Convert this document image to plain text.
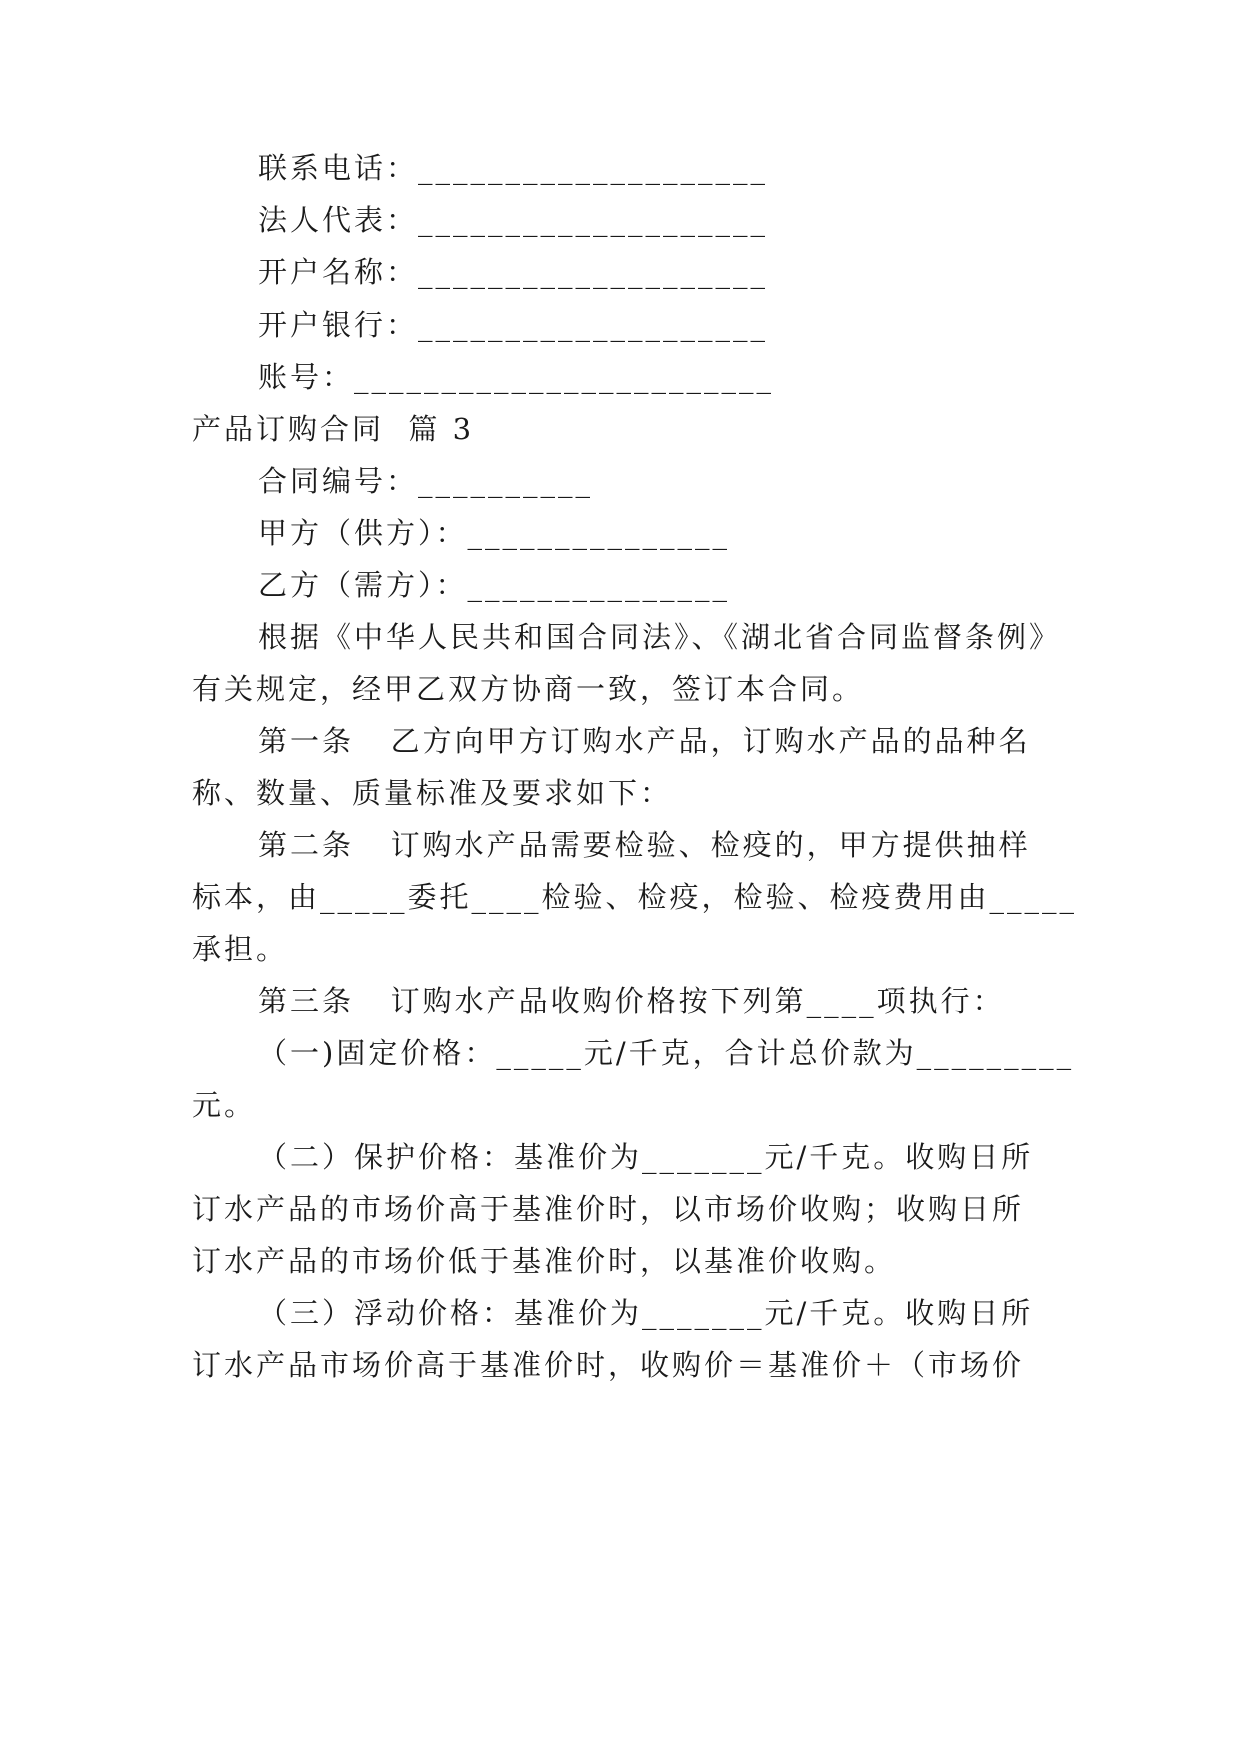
联系电话：____________________
法人代表：____________________
开户名称：____________________
开户银行：____________________
账号：________________________
产品订购合同  篇 3
合同编号：__________
甲方（供方）：_______________
乙方（需方）：_______________
根据《中华人民共和国合同法》、《湖北省合同监督条例》
有关规定，经甲乙双方协商一致，签订本合同。
第一条   乙方向甲方订购水产品，订购水产品的品种名
称、数量、质量标准及要求如下：
第二条   订购水产品需要检验、检疫的，甲方提供抽样
标本，由_____委托____检验、检疫，检验、检疫费用由_____
承担。
第三条   订购水产品收购价格按下列第____项执行：
（一)固定价格：_____元/千克，合计总价款为_________
元。
（二）保护价格：基准价为_______元/千克。收购日所
订水产品的市场价高于基准价时，以市场价收购；收购日所
订水产品的市场价低于基准价时，以基准价收购。
（三）浮动价格：基准价为_______元/千克。收购日所
订水产品市场价高于基准价时，收购价＝基准价＋（市场价
